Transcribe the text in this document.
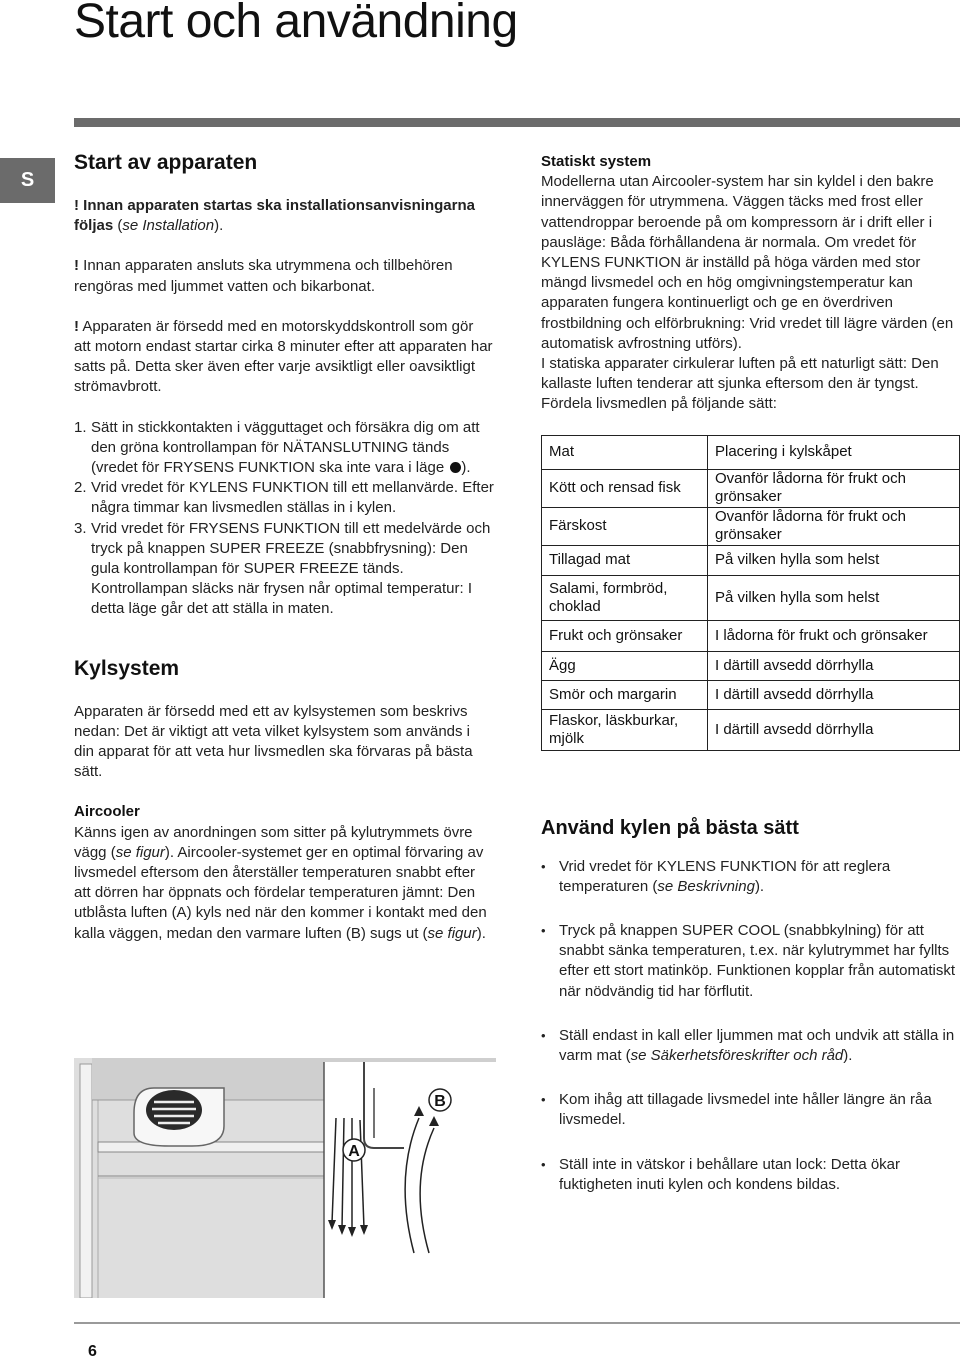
Start och användning
S
Start av apparaten

! Innan apparaten startas ska installationsanvisningarna följas (se Installation).

! Innan apparaten ansluts ska utrymmena och tillbehören rengöras med ljummet vatten och bikarbonat.

! Apparaten är försedd med en motorskyddskontroll som gör att motorn endast startar cirka 8 minuter efter att apparaten har satts på. Detta sker även efter varje avsiktligt eller oavsiktligt strömavbrott.

1. Sätt in stickkontakten i vägguttaget och försäkra dig om att den gröna kontrollampan för NÄTANSLUTNING tänds (vredet för FRYSENS FUNKTION ska inte vara i läge ).
2. Vrid vredet för KYLENS FUNKTION till ett mellanvärde. Efter några timmar kan livsmedlen ställas in i kylen.
3. Vrid vredet för FRYSENS FUNKTION till ett medelvärde och tryck på knappen SUPER FREEZE (snabbfrysning): Den gula kontrollampan för SUPER FREEZE tänds.
Kontrollampan släcks när frysen når optimal temperatur: I detta läge går det att ställa in maten.
Kylsystem

Apparaten är försedd med ett av kylsystemen som beskrivs nedan: Det är viktigt att veta vilket kylsystem som används i din apparat för att veta hur livsmedlen ska förvaras på bästa sätt.

Aircooler

Känns igen av anordningen som sitter på kylutrymmets övre vägg (se figur). Aircooler-systemet ger en optimal förvaring av livsmedel eftersom den återställer temperaturen snabbt efter att dörren har öppnats och fördelar temperaturen jämnt: Den utblåsta luften (A) kyls ned när den kommer i kontakt med den kalla väggen, medan den varmare luften (B) sugs ut (se figur).

A
B
Statiskt system

Modellerna utan Aircooler-system har sin kyldel i den bakre innerväggen för utrymmena. Väggen täcks med frost eller vattendroppar beroende på om kompressorn är i drift eller i pausläge: Båda förhållandena är normala. Om vredet för KYLENS FUNKTION är inställd på höga värden med stor mängd livsmedel och en hög omgivningstemperatur kan apparaten fungera kontinuerligt och ge en överdriven frostbildning och elförbrukning: Vrid vredet till lägre värden (en automatisk avfrostning utförs).

I statiska apparater cirkulerar luften på ett naturligt sätt: Den kallaste luften tenderar att sjunka eftersom den är tyngst. Fördela livsmedlen på följande sätt:

Mat	Placering i kylskåpet
Kött och rensad fisk	Ovanför lådorna för frukt och grönsaker
Färskost	Ovanför lådorna för frukt och grönsaker
Tillagad mat	På vilken hylla som helst
Salami, formbröd, choklad	På vilken hylla som helst
Frukt och grönsaker	I lådorna för frukt och grönsaker
Ägg	I därtill avsedd dörrhylla
Smör och margarin	I därtill avsedd dörrhylla
Flaskor, läskburkar, mjölk	I därtill avsedd dörrhylla
Använd kylen på bästa sätt
• Vrid vredet för KYLENS FUNKTION för att reglera temperaturen (se Beskrivning).
• Tryck på knappen SUPER COOL (snabbkylning) för att snabbt sänka temperaturen, t.ex. när kylutrymmet har fyllts efter ett stort matinköp. Funktionen kopplar från automatiskt när nödvändig tid har förflutit.
• Ställ endast in kall eller ljummen mat och undvik att ställa in varm mat (se Säkerhetsföreskrifter och råd).
• Kom ihåg att tillagade livsmedel inte håller längre än råa livsmedel.
• Ställ inte in vätskor i behållare utan lock: Detta ökar fuktigheten inuti kylen och kondens bildas.
6
